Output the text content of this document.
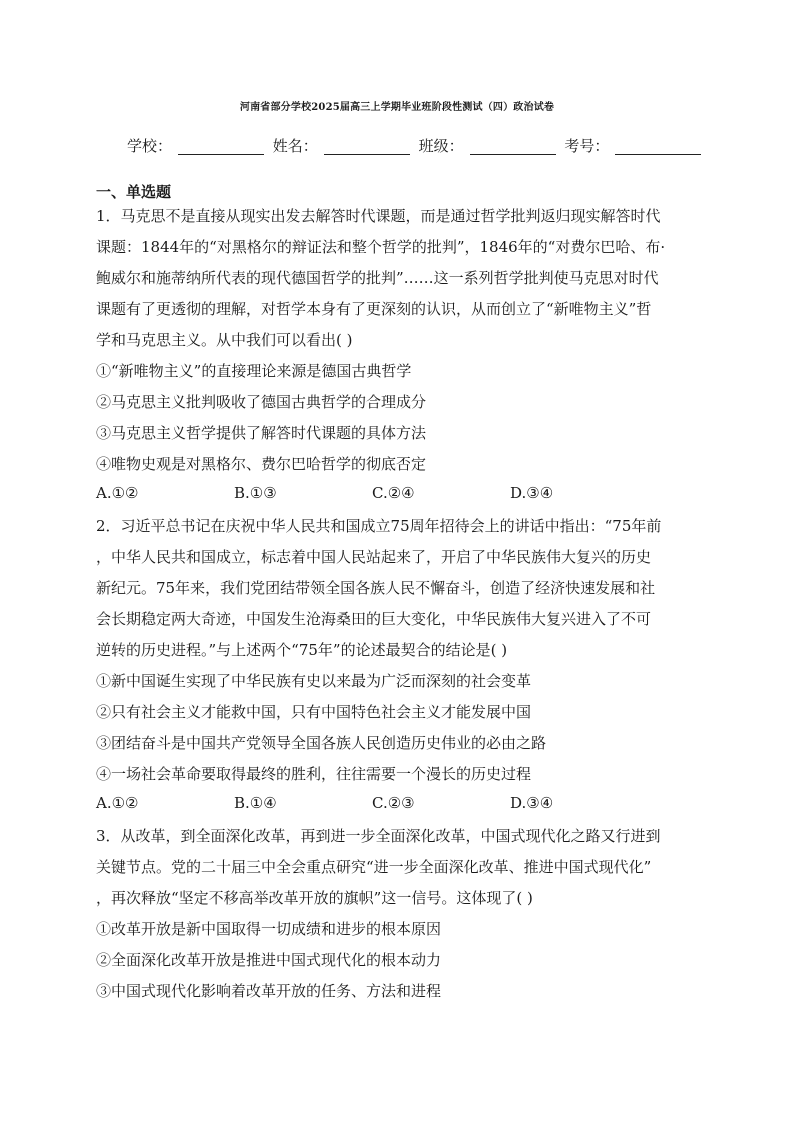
河南省部分学校2025届高三上学期毕业班阶段性测试（四）政治试卷
学校：	姓名：	班级：	考号：
一、单选题
1．马克思不是直接从现实出发去解答时代课题，而是通过哲学批判返归现实解答时代
课题：1844年的“对黑格尔的辩证法和整个哲学的批判”，1846年的“对费尔巴哈、布·
鲍威尔和施蒂纳所代表的现代德国哲学的批判”……这一系列哲学批判使马克思对时代
课题有了更透彻的理解，对哲学本身有了更深刻的认识，从而创立了“新唯物主义”哲
学和马克思主义。从中我们可以看出( )
①“新唯物主义”的直接理论来源是德国古典哲学
②马克思主义批判吸收了德国古典哲学的合理成分
③马克思主义哲学提供了解答时代课题的具体方法
④唯物史观是对黑格尔、费尔巴哈哲学的彻底否定
A.①②	B.①③	C.②④	D.③④
2．习近平总书记在庆祝中华人民共和国成立75周年招待会上的讲话中指出：“75年前
，中华人民共和国成立，标志着中国人民站起来了，开启了中华民族伟大复兴的历史
新纪元。75年来，我们党团结带领全国各族人民不懈奋斗，创造了经济快速发展和社
会长期稳定两大奇迹，中国发生沧海桑田的巨大变化，中华民族伟大复兴进入了不可
逆转的历史进程。”与上述两个“75年”的论述最契合的结论是( )
①新中国诞生实现了中华民族有史以来最为广泛而深刻的社会变革
②只有社会主义才能救中国，只有中国特色社会主义才能发展中国
③团结奋斗是中国共产党领导全国各族人民创造历史伟业的必由之路
④一场社会革命要取得最终的胜利，往往需要一个漫长的历史过程
A.①②	B.①④	C.②③	D.③④
3．从改革，到全面深化改革，再到进一步全面深化改革，中国式现代化之路又行进到
关键节点。党的二十届三中全会重点研究“进一步全面深化改革、推进中国式现代化”
，再次释放“坚定不移高举改革开放的旗帜”这一信号。这体现了( )
①改革开放是新中国取得一切成绩和进步的根本原因
②全面深化改革开放是推进中国式现代化的根本动力
③中国式现代化影响着改革开放的任务、方法和进程
